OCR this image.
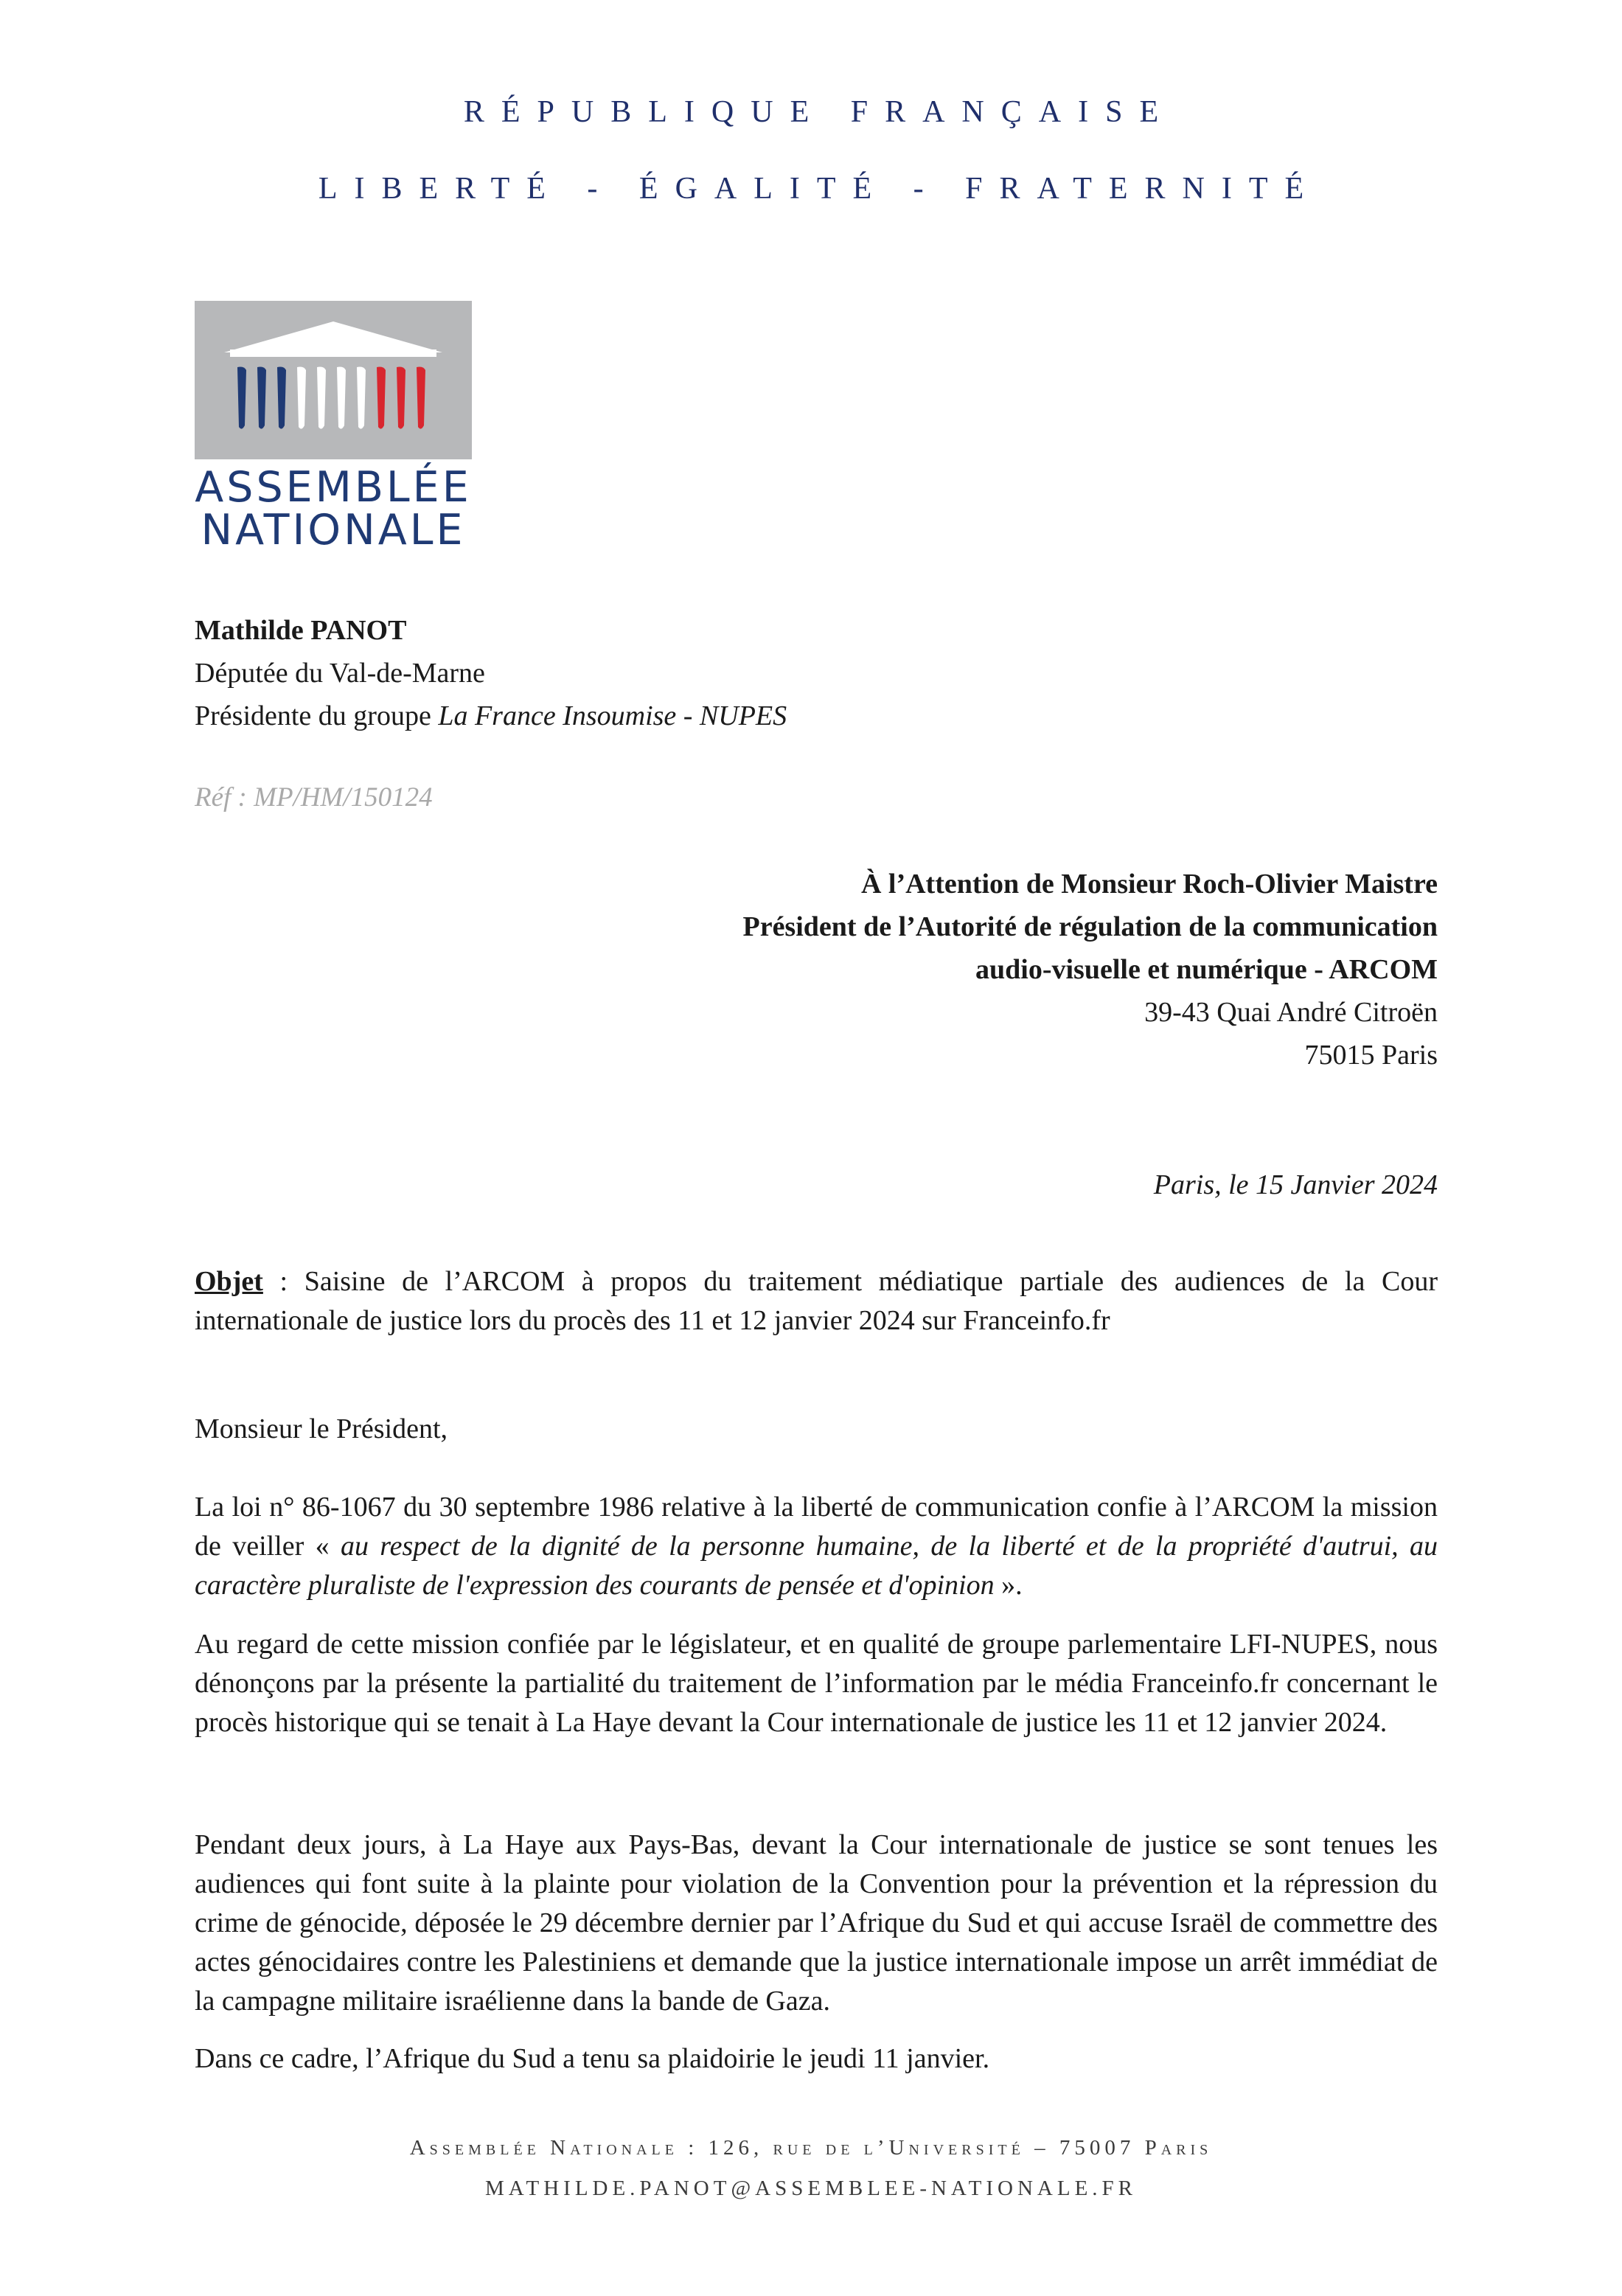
RÉPUBLIQUE FRANÇAISE
LIBERTÉ - ÉGALITÉ - FRATERNITÉ
ASSEMBLÉE
NATIONALE
Mathilde PANOT
Députée du Val-de-Marne
Présidente du groupe La France Insoumise - NUPES
Réf : MP/HM/150124
À l’Attention de Monsieur Roch-Olivier Maistre
Président de l’Autorité de régulation de la communication
audio-visuelle et numérique - ARCOM
39-43 Quai André Citroën
75015 Paris
Paris, le 15 Janvier 2024

Objet : Saisine de l’ARCOM à propos du traitement médiatique partiale des audiences de la Cour internationale de justice lors du procès des 11 et 12 janvier 2024 sur Franceinfo.fr

Monsieur le Président,

La loi n° 86-1067 du 30 septembre 1986 relative à la liberté de communication confie à l’ARCOM la mission de veiller « au respect de la dignité de la personne humaine, de la liberté et de la propriété d'autrui, au caractère pluraliste de l'expression des courants de pensée et d'opinion ».

Au regard de cette mission confiée par le législateur, et en qualité de groupe parlementaire LFI-NUPES, nous dénonçons par la présente la partialité du traitement de l’information par le média Franceinfo.fr concernant le procès historique qui se tenait à La Haye devant la Cour internationale de justice les 11 et 12 janvier 2024.
Pendant deux jours, à La Haye aux Pays-Bas, devant la Cour internationale de justice se sont tenues les audiences qui font suite à la plainte pour violation de la Convention pour la prévention et la répression du crime de génocide, déposée le 29 décembre dernier par l’Afrique du Sud et qui accuse Israël de commettre des actes génocidaires contre les Palestiniens et demande que la justice internationale impose un arrêt immédiat de la campagne militaire israélienne dans la bande de Gaza.
Dans ce cadre, l’Afrique du Sud a tenu sa plaidoirie le jeudi 11 janvier.
Assemblée Nationale : 126, rue de l’Université – 75007 Paris
MATHILDE.PANOT@ASSEMBLEE-NATIONALE.FR
